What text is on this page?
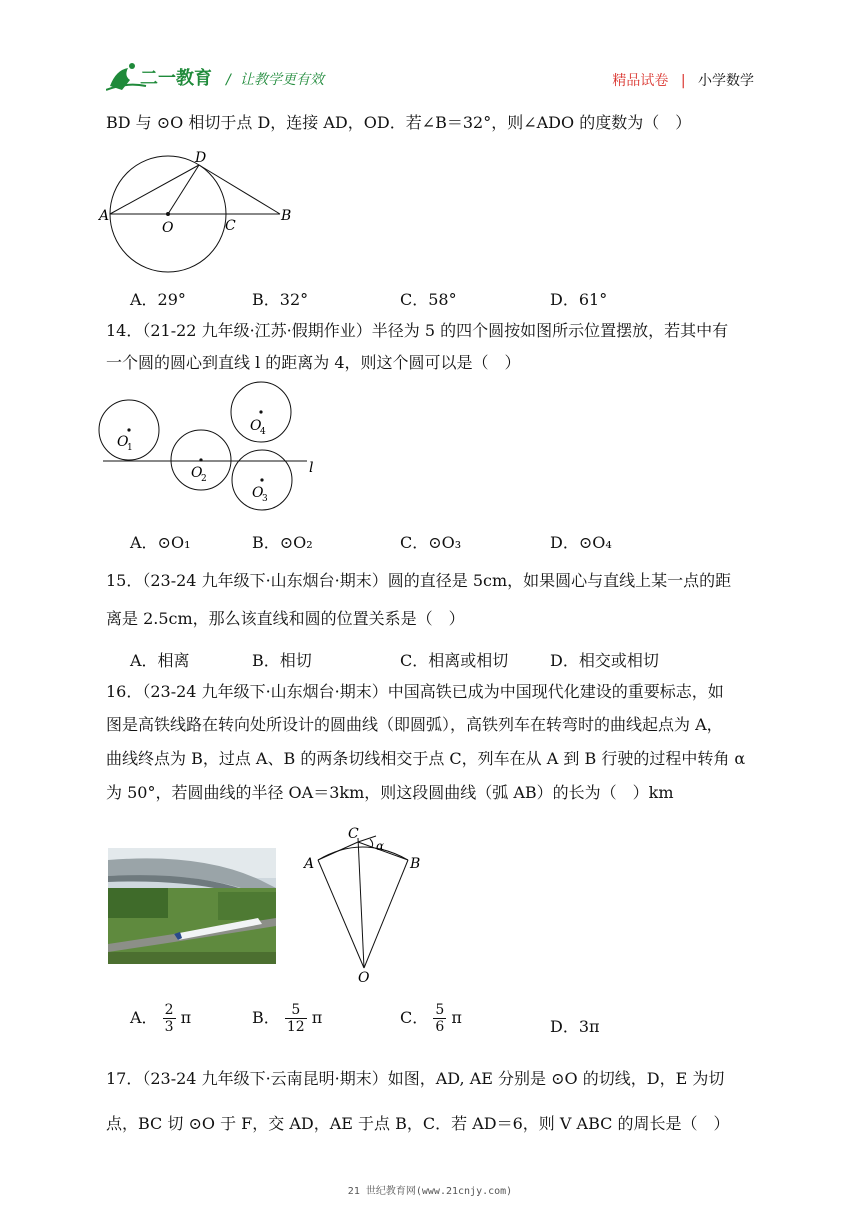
二一教育 / 让教学更有效	精品试卷 | 小学数学
BD 与 ⊙O 相切于点 D，连接 AD，OD．若∠B＝32°，则∠ADO 的度数为（　）
D
A
O	C
B
A．29°	B．32°	C．58°	D．61°
14．（21-22 九年级·江苏·假期作业）半径为 5 的四个圆按如图所示位置摆放，若其中有
一个圆的圆心到直线 l 的距离为 4，则这个圆可以是（　）
O
1
O
2
O
3
O
4
l
A．⊙O₁	B．⊙O₂	C．⊙O₃	D．⊙O₄
15．（23-24 九年级下·山东烟台·期末）圆的直径是 5cm，如果圆心与直线上某一点的距
离是 2.5cm，那么该直线和圆的位置关系是（　）
A．相离	B．相切	C．相离或相切	D．相交或相切
16．（23-24 九年级下·山东烟台·期末）中国高铁已成为中国现代化建设的重要标志，如
图是高铁线路在转向处所设计的圆曲线（即圆弧），高铁列车在转弯时的曲线起点为 A，
曲线终点为 B，过点 A、B 的两条切线相交于点 C，列车在从 A 到 B 行驶的过程中转角 α
为 50°，若圆曲线的半径 OA＝3km，则这段圆曲线（弧 AB）的长为（　）km
A
C
α
B
O
A． $\frac{2}{3}$ π	B． $\frac{5}{12}$ π	C． $\frac{5}{6}$ π	D．3π
17．（23-24 九年级下·云南昆明·期末）如图，AD, AE 分别是 ⊙O 的切线，D，E 为切
点，BC 切 ⊙O 于 F，交 AD，AE 于点 B，C．若 AD＝6，则 V ABC 的周长是（　）
21 世纪教育网(www.21cnjy.com)
